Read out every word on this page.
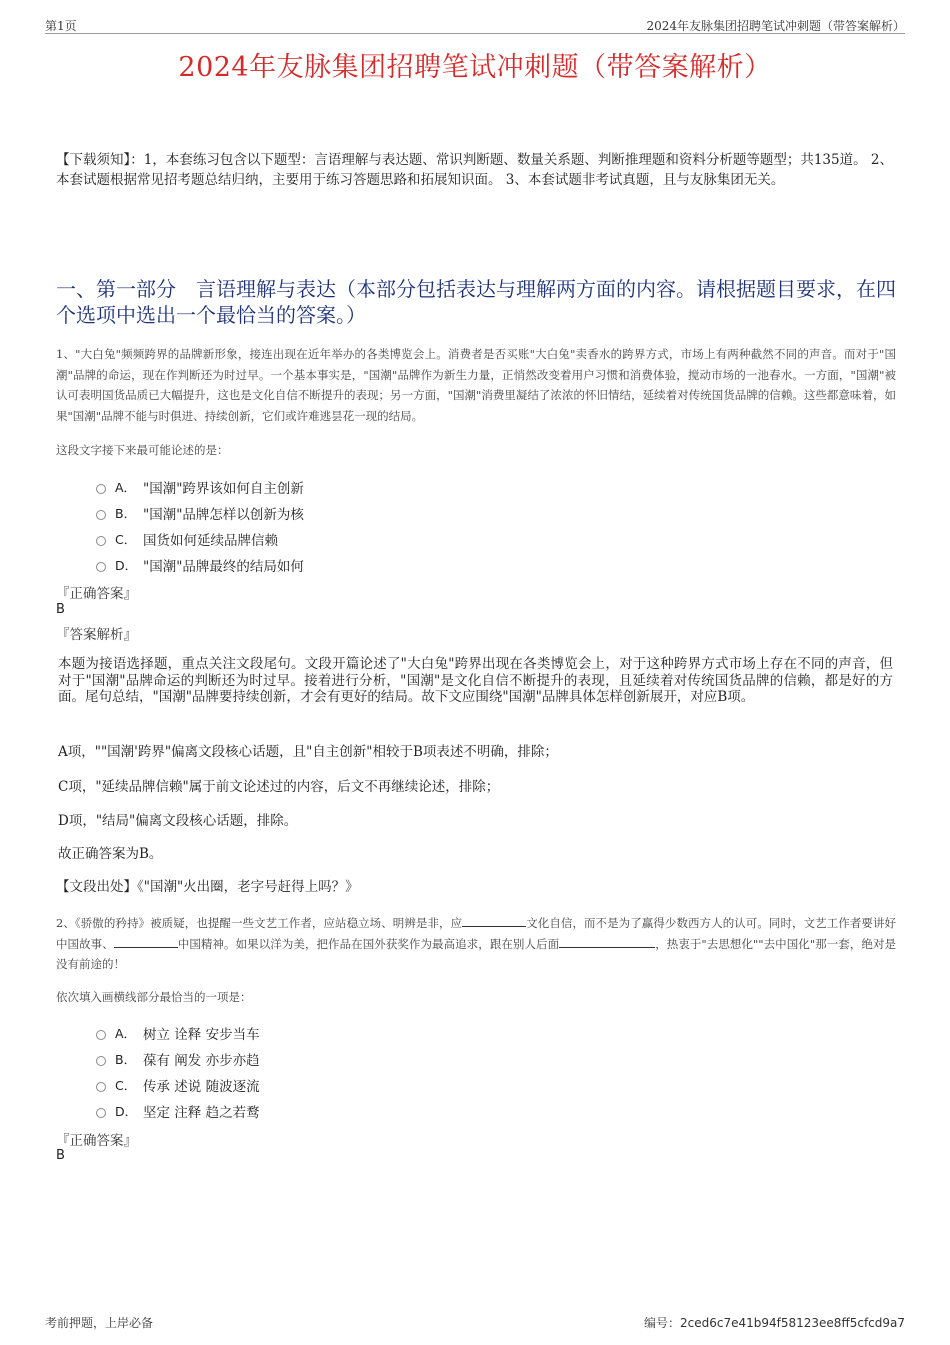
第1页	2024年友脉集团招聘笔试冲刺题（带答案解析）
2024年友脉集团招聘笔试冲刺题（带答案解析）
【下载须知】：1，本套练习包含以下题型：言语理解与表达题、常识判断题、数量关系题、判断推理题和资料分析题等题型；共135道。 2、本套试题根据常见招考题总结归纳，主要用于练习答题思路和拓展知识面。 3、本套试题非考试真题，且与友脉集团无关。
一、第一部分　言语理解与表达（本部分包括表达与理解两方面的内容。请根据题目要求，在四个选项中选出一个最恰当的答案。）
1、"大白兔"频频跨界的品牌新形象，接连出现在近年举办的各类博览会上。消费者是否买账"大白兔"卖香水的跨界方式，市场上有两种截然不同的声音。而对于"国潮"品牌的命运，现在作判断还为时过早。一个基本事实是，"国潮"品牌作为新生力量，正悄然改变着用户习惯和消费体验，搅动市场的一池春水。一方面，"国潮"被认可表明国货品质已大幅提升，这也是文化自信不断提升的表现；另一方面，"国潮"消费里凝结了浓浓的怀旧情结，延续着对传统国货品牌的信赖。这些都意味着，如果"国潮"品牌不能与时俱进、持续创新，它们或许难逃昙花一现的结局。
这段文字接下来最可能论述的是：
A． "国潮"跨界该如何自主创新
B． "国潮"品牌怎样以创新为核
C． 国货如何延续品牌信赖
D． "国潮"品牌最终的结局如何
『正确答案』
B
『答案解析』
本题为接语选择题，重点关注文段尾句。文段开篇论述了"大白兔"跨界出现在各类博览会上，对于这种跨界方式市场上存在不同的声音，但对于"国潮"品牌命运的判断还为时过早。接着进行分析，"国潮"是文化自信不断提升的表现，且延续着对传统国货品牌的信赖，都是好的方面。尾句总结，"国潮"品牌要持续创新，才会有更好的结局。故下文应围绕"国潮"品牌具体怎样创新展开，对应B项。
A项，""国潮'跨界"偏离文段核心话题，且"自主创新"相较于B项表述不明确，排除；
C项，"延续品牌信赖"属于前文论述过的内容，后文不再继续论述，排除；
D项，"结局"偏离文段核心话题，排除。
故正确答案为B。
【文段出处】《"国潮"火出圈，老字号赶得上吗？》
2、《骄傲的矜持》被质疑，也提醒一些文艺工作者，应站稳立场、明辨是非，应	文化自信，而不是为了赢得少数西方人的认可。同时，文艺工作者要讲好中国故事、	中国精神。如果以洋为美，把作品在国外获奖作为最高追求，跟在别人后面	，热衷于"去思想化""去中国化"那一套，绝对是没有前途的！
依次填入画横线部分最恰当的一项是：
A． 树立 诠释 安步当车
B． 葆有 阐发 亦步亦趋
C． 传承 述说 随波逐流
D． 坚定 注释 趋之若鹜
『正确答案』
B
考前押题，上岸必备	编号：2ced6c7e41b94f58123ee8ff5cfcd9a7
